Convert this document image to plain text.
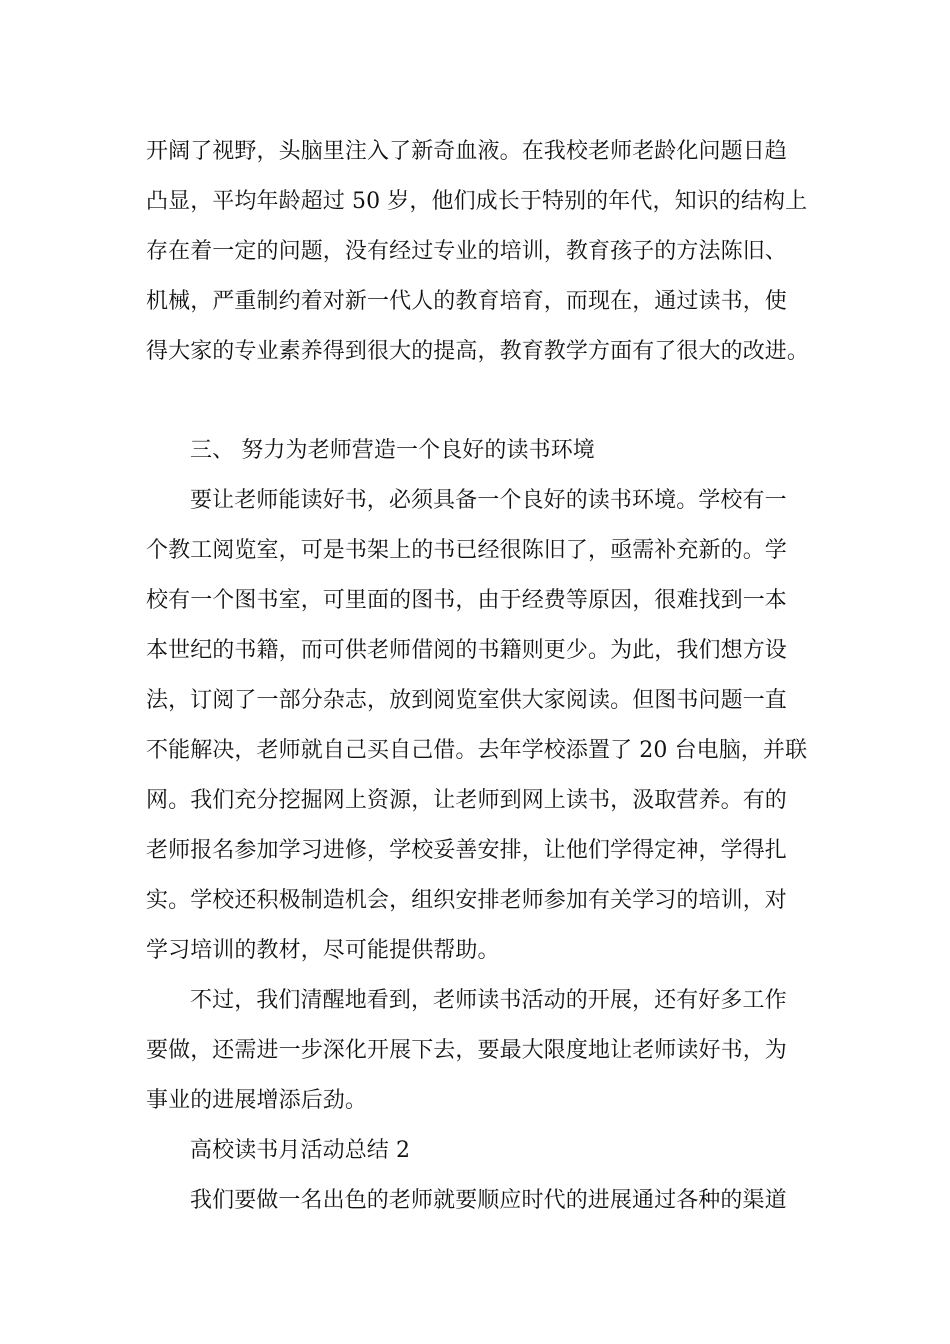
开阔了视野，头脑里注入了新奇血液。在我校老师老龄化问题日趋
凸显，平均年龄超过 50 岁，他们成长于特别的年代，知识的结构上
存在着一定的问题，没有经过专业的培训，教育孩子的方法陈旧、
机械，严重制约着对新一代人的教育培育，而现在，通过读书，使
得大家的专业素养得到很大的提高，教育教学方面有了很大的改进。
三、 努力为老师营造一个良好的读书环境
要让老师能读好书，必须具备一个良好的读书环境。学校有一
个教工阅览室，可是书架上的书已经很陈旧了，亟需补充新的。学
校有一个图书室，可里面的图书，由于经费等原因，很难找到一本
本世纪的书籍，而可供老师借阅的书籍则更少。为此，我们想方设
法，订阅了一部分杂志，放到阅览室供大家阅读。但图书问题一直
不能解决，老师就自己买自己借。去年学校添置了 20 台电脑，并联
网。我们充分挖掘网上资源，让老师到网上读书，汲取营养。有的
老师报名参加学习进修，学校妥善安排，让他们学得定神，学得扎
实。学校还积极制造机会，组织安排老师参加有关学习的培训，对
学习培训的教材，尽可能提供帮助。
不过，我们清醒地看到，老师读书活动的开展，还有好多工作
要做，还需进一步深化开展下去，要最大限度地让老师读好书，为
事业的进展增添后劲。
高校读书月活动总结 2
我们要做一名出色的老师就要顺应时代的进展通过各种的渠道
